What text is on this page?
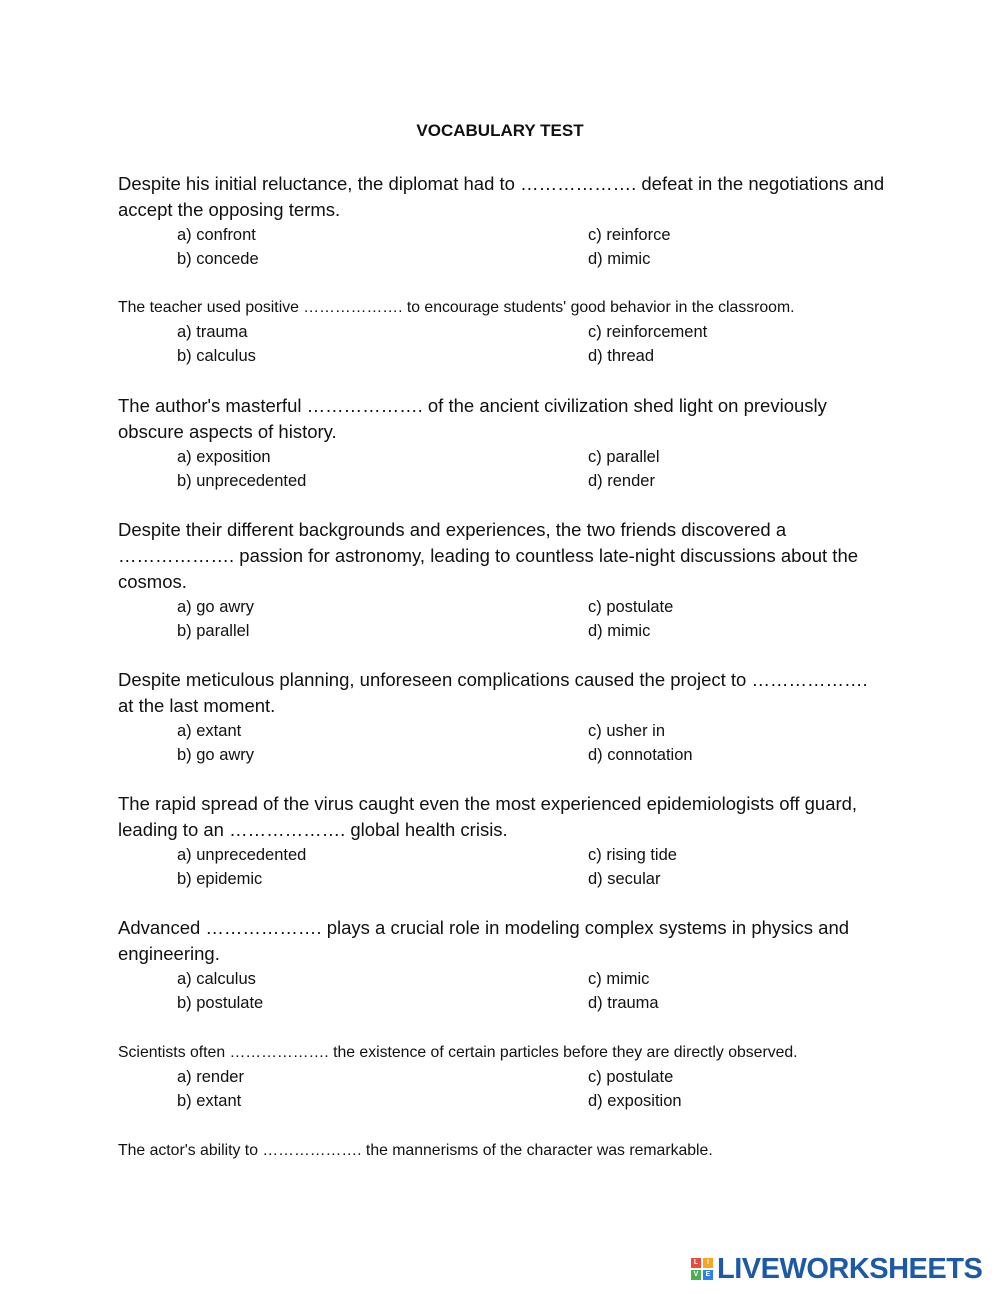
VOCABULARY TEST

Despite his initial reluctance, the diplomat had to ………………. defeat in the negotiations and accept the opposing terms.

a) confront
b) concede
c) reinforce
d) mimic

The teacher used positive ………………. to encourage students' good behavior in the classroom.

a) trauma
b) calculus
c) reinforcement
d) thread

The author's masterful ………………. of the ancient civilization shed light on previously obscure aspects of history.

a) exposition
b) unprecedented
c) parallel
d) render

Despite their different backgrounds and experiences, the two friends discovered a ………………. passion for astronomy, leading to countless late-night discussions about the cosmos.

a) go awry
b) parallel
c) postulate
d) mimic

Despite meticulous planning, unforeseen complications caused the project to ………………. at the last moment.

a) extant
b) go awry
c) usher in
d) connotation

The rapid spread of the virus caught even the most experienced epidemiologists off guard, leading to an ………………. global health crisis.

a) unprecedented
b) epidemic
c) rising tide
d) secular

Advanced ………………. plays a crucial role in modeling complex systems in physics and engineering.

a) calculus
b) postulate
c) mimic
d) trauma

Scientists often ………………. the existence of certain particles before they are directly observed.

a) render
b) extant
c) postulate
d) exposition

The actor's ability to ………………. the mannerisms of the character was remarkable.

L	I
V	E LIVEWORKSHEETS
